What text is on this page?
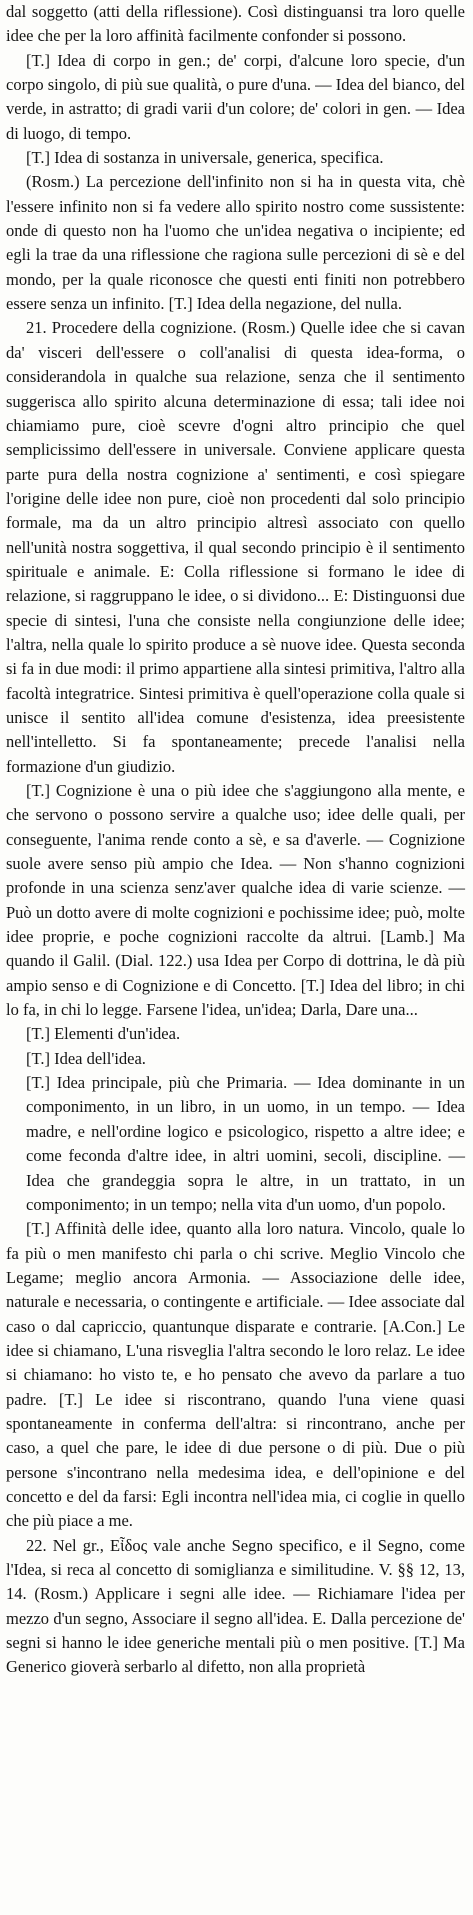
dal soggetto (atti della riflessione). Così distinguansi tra loro quelle idee che per la loro affinità facilmente confonder si possono.

[T.] Idea di corpo in gen.; de' corpi, d'alcune loro specie, d'un corpo singolo, di più sue qualità, o pure d'una. — Idea del bianco, del verde, in astratto; di gradi varii d'un colore; de' colori in gen. — Idea di luogo, di tempo.

[T.] Idea di sostanza in universale, generica, specifica.

(Rosm.) La percezione dell'infinito non si ha in questa vita, chè l'essere infinito non si fa vedere allo spirito nostro come sussistente: onde di questo non ha l'uomo che un'idea negativa o incipiente; ed egli la trae da una riflessione che ragiona sulle percezioni di sè e del mondo, per la quale riconosce che questi enti finiti non potrebbero essere senza un infinito. [T.] Idea della negazione, del nulla.

21. Procedere della cognizione. (Rosm.) Quelle idee che si cavan da' visceri dell'essere o coll'analisi di questa idea-forma, o considerandola in qualche sua relazione, senza che il sentimento suggerisca allo spirito alcuna determinazione di essa; tali idee noi chiamiamo pure, cioè scevre d'ogni altro principio che quel semplicissimo dell'essere in universale. Conviene applicare questa parte pura della nostra cognizione a' sentimenti, e così spiegare l'origine delle idee non pure, cioè non procedenti dal solo principio formale, ma da un altro principio altresì associato con quello nell'unità nostra soggettiva, il qual secondo principio è il sentimento spirituale e animale. E: Colla riflessione si formano le idee di relazione, si raggruppano le idee, o si dividono... E: Distinguonsi due specie di sintesi, l'una che consiste nella congiunzione delle idee; l'altra, nella quale lo spirito produce a sè nuove idee. Questa seconda si fa in due modi: il primo appartiene alla sintesi primitiva, l'altro alla facoltà integratrice. Sintesi primitiva è quell'operazione colla quale si unisce il sentito all'idea comune d'esistenza, idea preesistente nell'intelletto. Si fa spontaneamente; precede l'analisi nella formazione d'un giudizio.

[T.] Cognizione è una o più idee che s'aggiungono alla mente, e che servono o possono servire a qualche uso; idee delle quali, per conseguente, l'anima rende conto a sè, e sa d'averle. — Cognizione suole avere senso più ampio che Idea. — Non s'hanno cognizioni profonde in una scienza senz'aver qualche idea di varie scienze. — Può un dotto avere di molte cognizioni e pochissime idee; può, molte idee proprie, e poche cognizioni raccolte da altrui. [Lamb.] Ma quando il Galil. (Dial. 122.) usa Idea per Corpo di dottrina, le dà più ampio senso e di Cognizione e di Concetto. [T.] Idea del libro; in chi lo fa, in chi lo legge. Farsene l'idea, un'idea; Darla, Dare una...

[T.] Elementi d'un'idea.

[T.] Idea dell'idea.

[T.] Idea principale, più che Primaria. — Idea dominante in un componimento, in un libro, in un uomo, in un tempo. — Idea madre, e nell'ordine logico e psicologico, rispetto a altre idee; e come feconda d'altre idee, in altri uomini, secoli, discipline. — Idea che grandeggia sopra le altre, in un trattato, in un componimento; in un tempo; nella vita d'un uomo, d'un popolo.

[T.] Affinità delle idee, quanto alla loro natura. Vincolo, quale lo fa più o men manifesto chi parla o chi scrive. Meglio Vincolo che Legame; meglio ancora Armonia. — Associazione delle idee, naturale e necessaria, o contingente e artificiale. — Idee associate dal caso o dal capriccio, quantunque disparate e contrarie. [A.Con.] Le idee si chiamano, L'una risveglia l'altra secondo le loro relaz. Le idee si chiamano: ho visto te, e ho pensato che avevo da parlare a tuo padre. [T.] Le idee si riscontrano, quando l'una viene quasi spontaneamente in conferma dell'altra: si rincontrano, anche per caso, a quel che pare, le idee di due persone o di più. Due o più persone s'incontrano nella medesima idea, e dell'opinione e del concetto e del da farsi: Egli incontra nell'idea mia, ci coglie in quello che più piace a me.

22. Nel gr., Εἶδος vale anche Segno specifico, e il Segno, come l'Idea, si reca al concetto di somiglianza e similitudine. V. §§ 12, 13, 14. (Rosm.) Applicare i segni alle idee. — Richiamare l'idea per mezzo d'un segno, Associare il segno all'idea. E. Dalla percezione de' segni si hanno le idee generiche mentali più o men positive. [T.] Ma Generico gioverà serbarlo al difetto, non alla proprietà
